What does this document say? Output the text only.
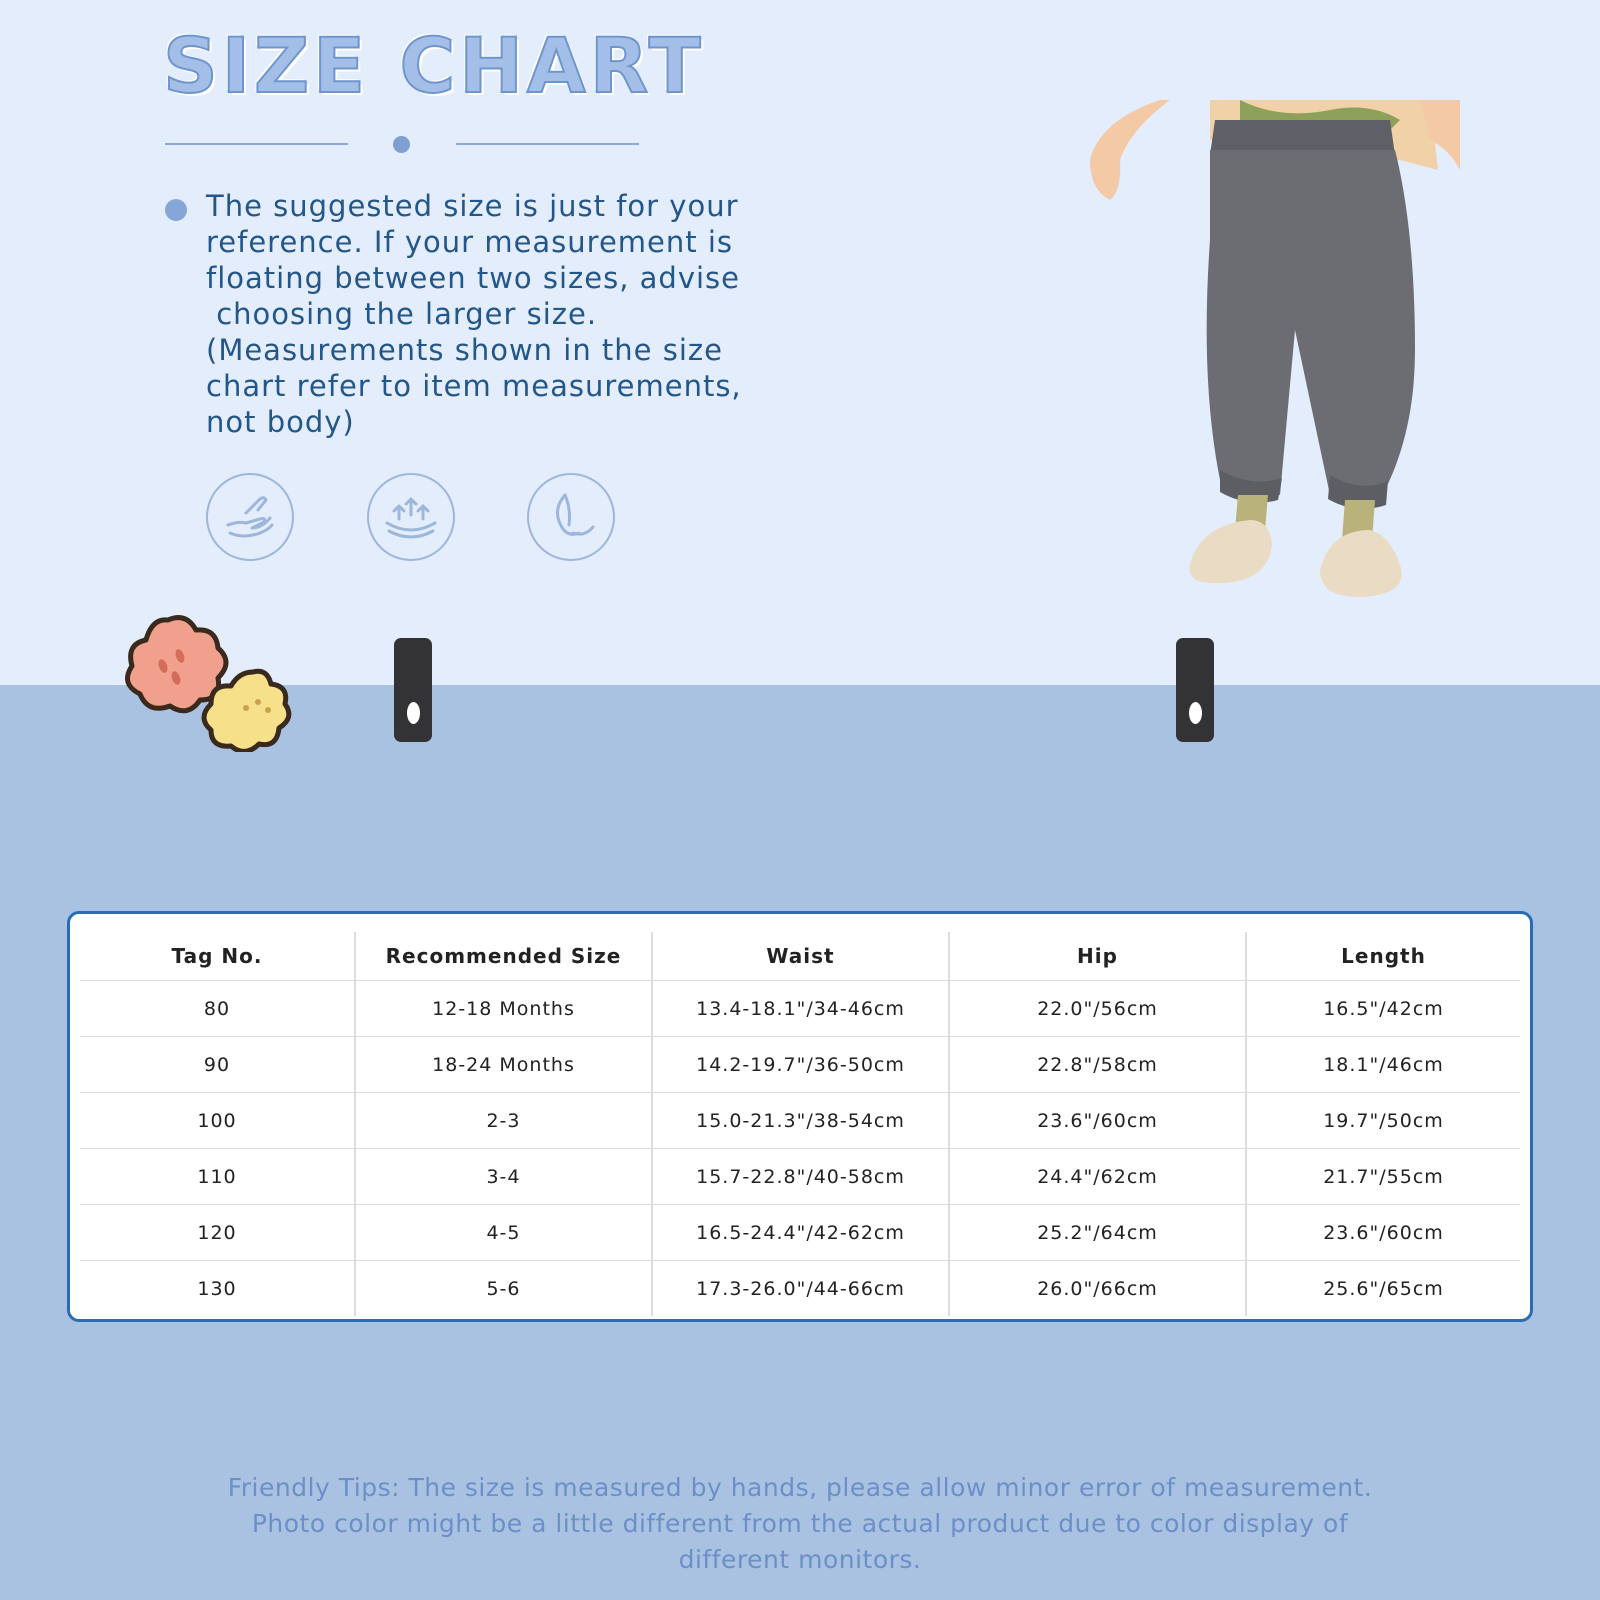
SIZE CHART

The suggested size is just for your
reference. If your measurement is
floating between two sizes, advise
choosing the larger size.
(Measurements shown in the size
chart refer to item measurements,
not body)

Tag No.	Recommended Size	Waist	Hip	Length
80	12-18 Months	13.4-18.1"/34-46cm	22.0"/56cm	16.5"/42cm
90	18-24 Months	14.2-19.7"/36-50cm	22.8"/58cm	18.1"/46cm
100	2-3	15.0-21.3"/38-54cm	23.6"/60cm	19.7"/50cm
110	3-4	15.7-22.8"/40-58cm	24.4"/62cm	21.7"/55cm
120	4-5	16.5-24.4"/42-62cm	25.2"/64cm	23.6"/60cm
130	5-6	17.3-26.0"/44-66cm	26.0"/66cm	25.6"/65cm

Friendly Tips: The size is measured by hands, please allow minor error of measurement.
Photo color might be a little different from the actual product due to color display of
different monitors.
